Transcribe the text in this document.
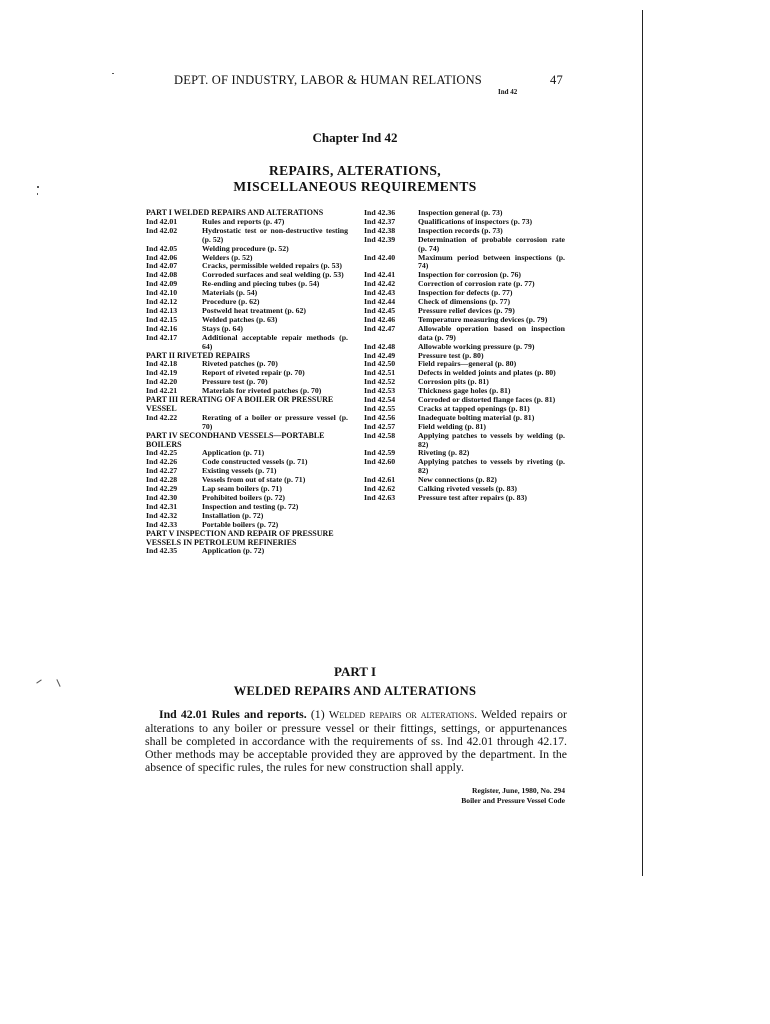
DEPT. OF INDUSTRY, LABOR & HUMAN RELATIONS	47
Ind 42
Chapter Ind 42
REPAIRS, ALTERATIONS,
MISCELLANEOUS REQUIREMENTS
PART I WELDED REPAIRS AND ALTERATIONS
Ind 42.01	Rules and reports (p. 47)
Ind 42.02	Hydrostatic test or non-destructive testing (p. 52)
Ind 42.05	Welding procedure (p. 52)
Ind 42.06	Welders (p. 52)
Ind 42.07	Cracks, permissible welded repairs (p. 53)
Ind 42.08	Corroded surfaces and seal welding (p. 53)
Ind 42.09	Re-ending and piecing tubes (p. 54)
Ind 42.10	Materials (p. 54)
Ind 42.12	Procedure (p. 62)
Ind 42.13	Postweld heat treatment (p. 62)
Ind 42.15	Welded patches (p. 63)
Ind 42.16	Stays (p. 64)
Ind 42.17	Additional acceptable repair methods (p. 64)
PART II RIVETED REPAIRS
Ind 42.18	Riveted patches (p. 70)
Ind 42.19	Report of riveted repair (p. 70)
Ind 42.20	Pressure test (p. 70)
Ind 42.21	Materials for riveted patches (p. 70)
PART III RERATING OF A BOILER OR PRESSURE VESSEL
Ind 42.22	Rerating of a boiler or pressure vessel (p. 70)
PART IV SECONDHAND VESSELS—PORTABLE BOILERS
Ind 42.25	Application (p. 71)
Ind 42.26	Code constructed vessels (p. 71)
Ind 42.27	Existing vessels (p. 71)
Ind 42.28	Vessels from out of state (p. 71)
Ind 42.29	Lap seam boilers (p. 71)
Ind 42.30	Prohibited boilers (p. 72)
Ind 42.31	Inspection and testing (p. 72)
Ind 42.32	Installation (p. 72)
Ind 42.33	Portable boilers (p. 72)
PART V INSPECTION AND REPAIR OF PRESSURE VESSELS IN PETROLEUM REFINERIES
Ind 42.35	Application (p. 72)
Ind 42.36	Inspection general (p. 73)
Ind 42.37	Qualifications of inspectors (p. 73)
Ind 42.38	Inspection records (p. 73)
Ind 42.39	Determination of probable corrosion rate (p. 74)
Ind 42.40	Maximum period between inspections (p. 74)
Ind 42.41	Inspection for corrosion (p. 76)
Ind 42.42	Correction of corrosion rate (p. 77)
Ind 42.43	Inspection for defects (p. 77)
Ind 42.44	Check of dimensions (p. 77)
Ind 42.45	Pressure relief devices (p. 79)
Ind 42.46	Temperature measuring devices (p. 79)
Ind 42.47	Allowable operation based on inspection data (p. 79)
Ind 42.48	Allowable working pressure (p. 79)
Ind 42.49	Pressure test (p. 80)
Ind 42.50	Field repairs—general (p. 80)
Ind 42.51	Defects in welded joints and plates (p. 80)
Ind 42.52	Corrosion pits (p. 81)
Ind 42.53	Thickness gage holes (p. 81)
Ind 42.54	Corroded or distorted flange faces (p. 81)
Ind 42.55	Cracks at tapped openings (p. 81)
Ind 42.56	Inadequate bolting material (p. 81)
Ind 42.57	Field welding (p. 81)
Ind 42.58	Applying patches to vessels by welding (p. 82)
Ind 42.59	Riveting (p. 82)
Ind 42.60	Applying patches to vessels by riveting (p. 82)
Ind 42.61	New connections (p. 82)
Ind 42.62	Calking riveted vessels (p. 83)
Ind 42.63	Pressure test after repairs (p. 83)
PART I
WELDED REPAIRS AND ALTERATIONS
Ind 42.01 Rules and reports. (1) Welded repairs or alterations. Welded repairs or alterations to any boiler or pressure vessel or their fittings, settings, or appurtenances shall be completed in accordance with the requirements of ss. Ind 42.01 through 42.17. Other methods may be acceptable provided they are approved by the department. In the absence of specific rules, the rules for new construction shall apply.
Register, June, 1980, No. 294
Boiler and Pressure Vessel Code
